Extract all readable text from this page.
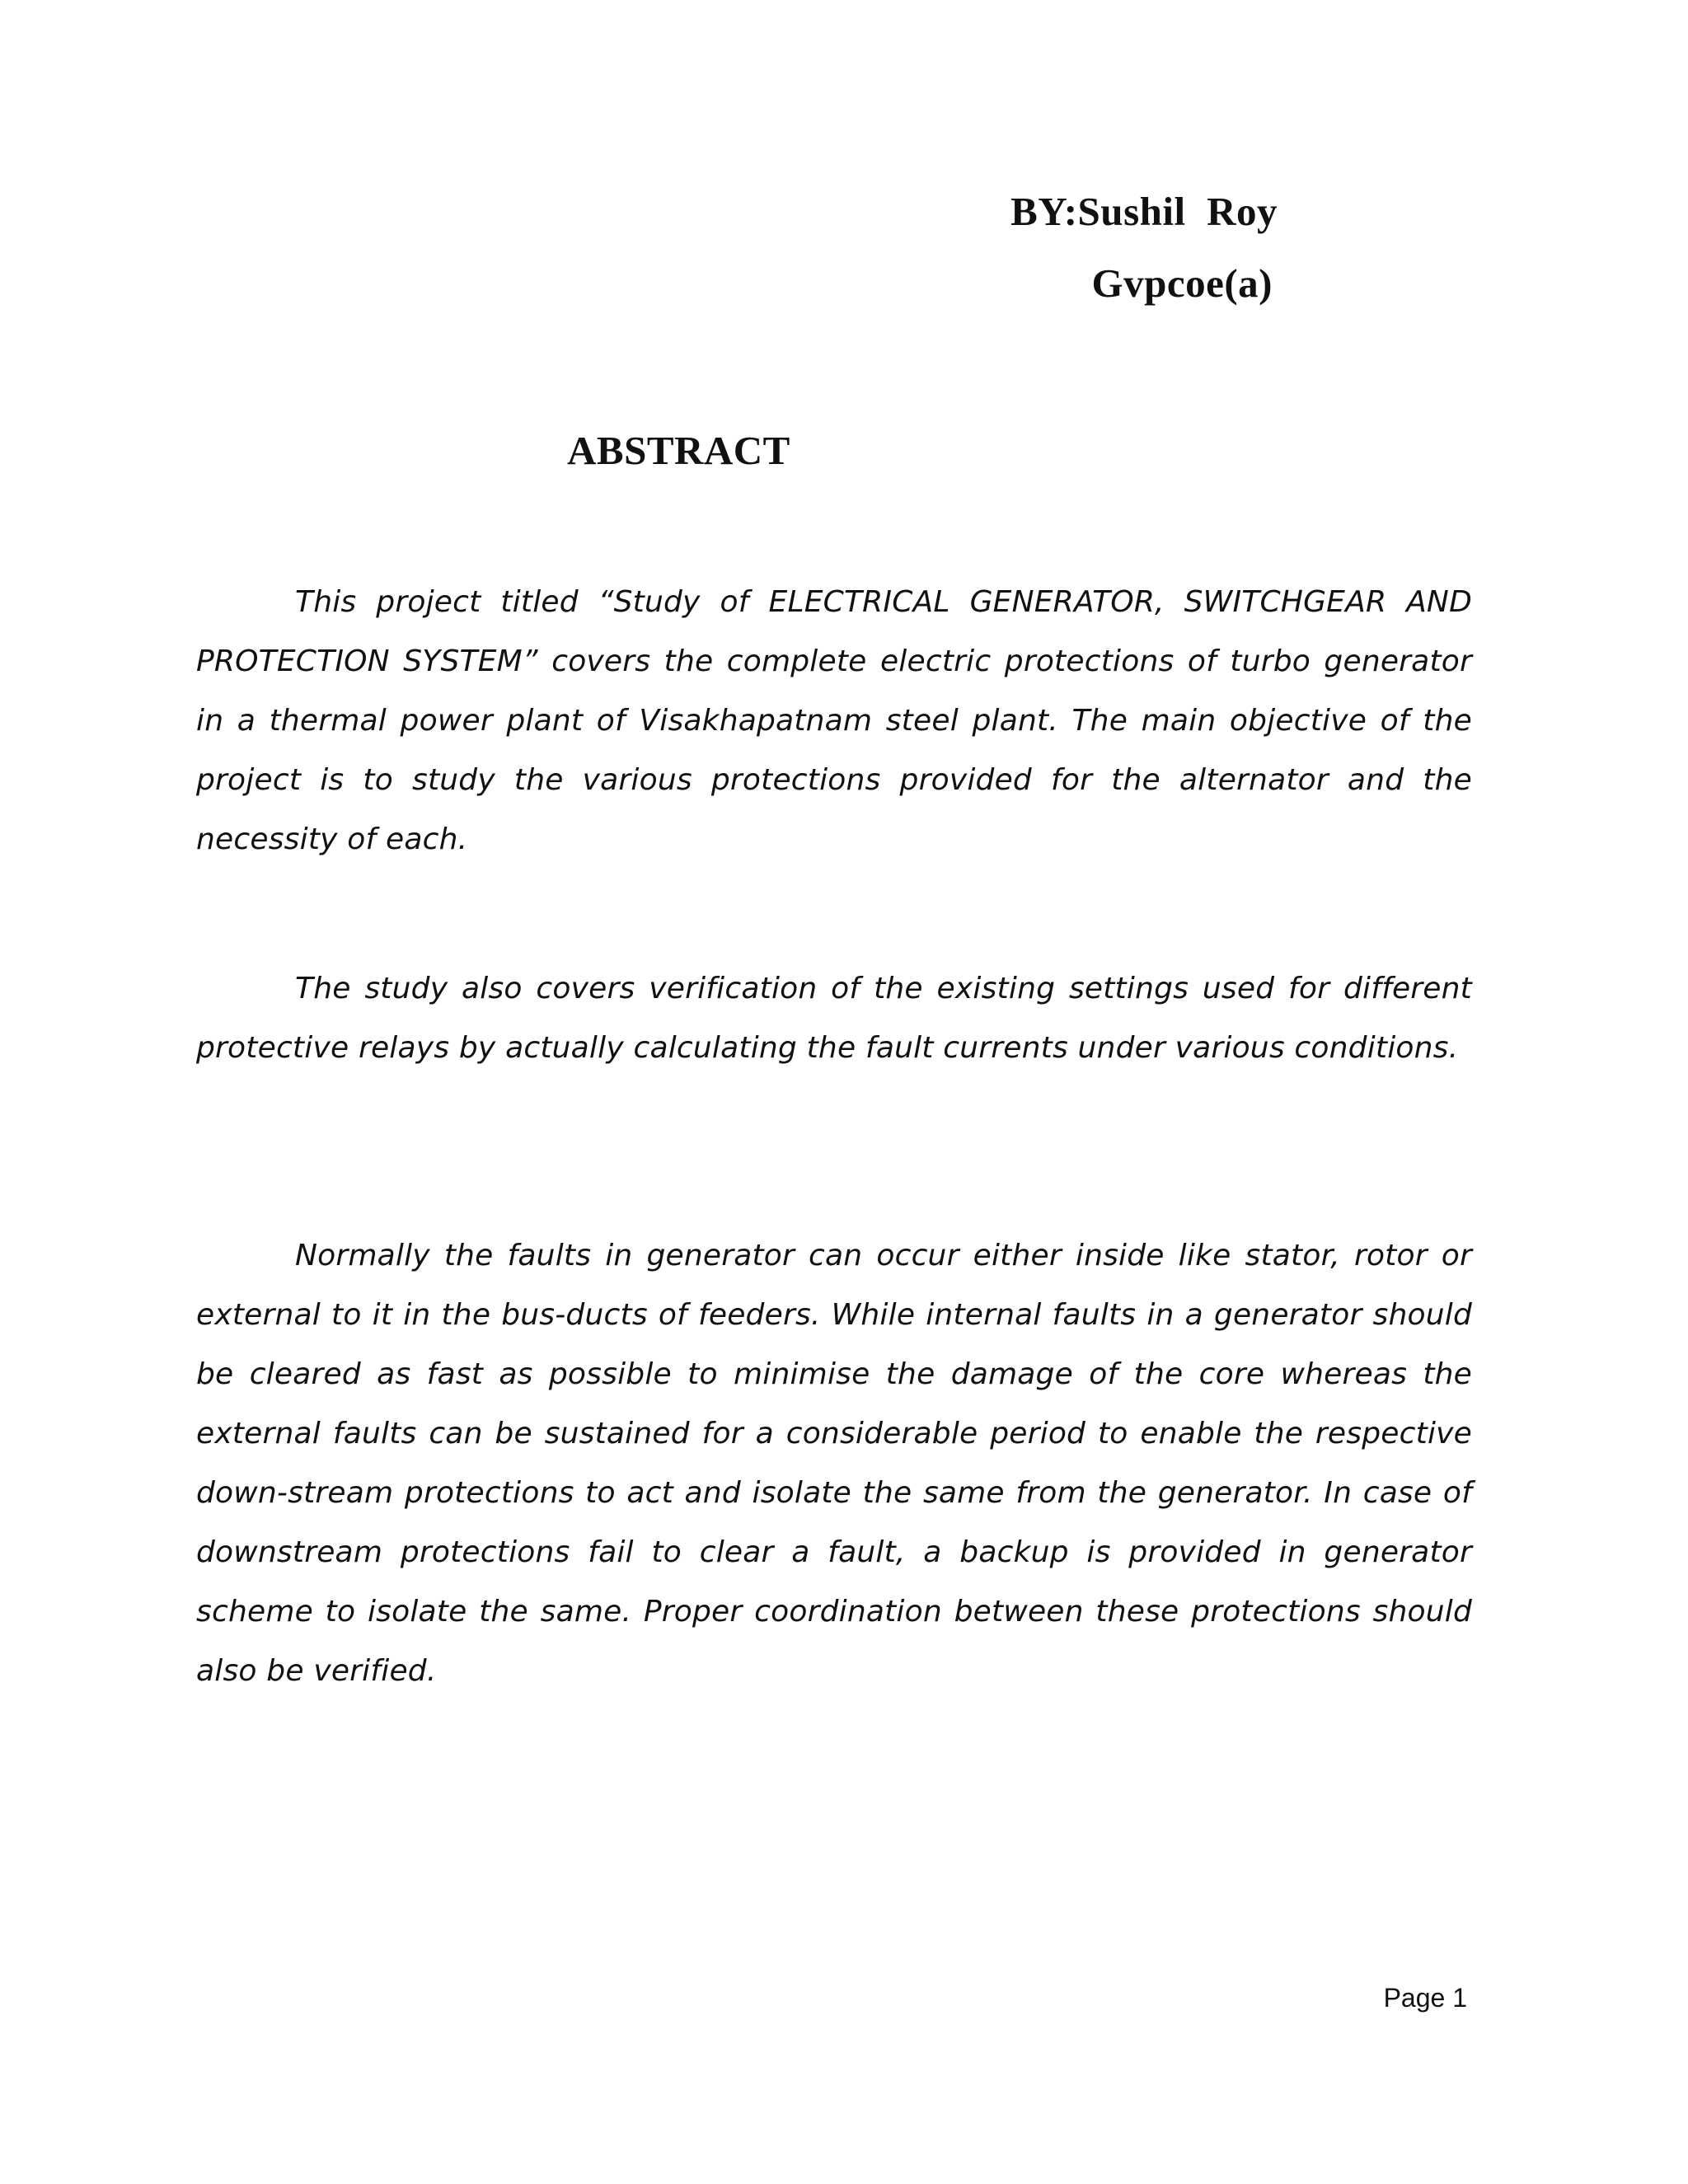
BY:Sushil  Roy
Gvpcoe(a)
ABSTRACT

This project titled “Study of ELECTRICAL GENERATOR, SWITCHGEAR AND PROTECTION SYSTEM” covers the complete electric protections of turbo generator in a thermal power plant of Visakhapatnam steel plant. The main objective of the project is to study the various protections provided for the alternator and the necessity of each.

The study also covers verification of the existing settings used for different protective relays by actually calculating the fault currents under various conditions.

Normally the faults in generator can occur either inside like stator, rotor or external to it in the bus-ducts of feeders. While internal faults in a generator should be cleared as fast as possible to minimise the damage of the core whereas the external faults can be sustained for a considerable period to enable the respective down-stream protections to act and isolate the same from the generator. In case of downstream protections fail to clear a fault, a backup is provided in generator scheme to isolate the same. Proper coordination between these protections should also be verified.

Page 1
